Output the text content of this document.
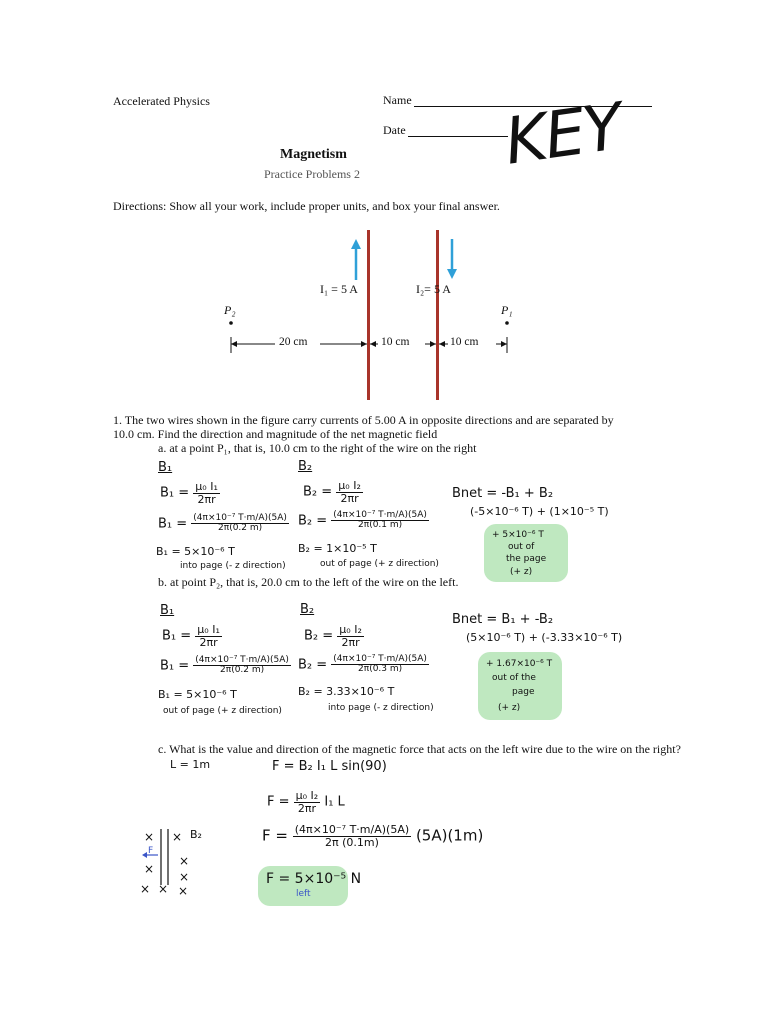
Accelerated Physics	Name
Date KEY
Magnetism
Practice Problems 2
Directions: Show all your work, include proper units, and box your final answer.
I₁ = 5 A	I₂= 5 A
P₂	P₁
20 cm	10 cm	10 cm
1. The two wires shown in the figure carry currents of 5.00 A in opposite directions and are separated by
10.0 cm. Find the direction and magnitude of the net magnetic field
a. at a point P₁, that is, 10.0 cm to the right of the wire on the right
B₁
$B_1 = \frac{\text{μ₀ I₁}}{2\pi r}$
$B_1 = \frac{\text{(4π×10⁻⁷ T·m/A)(5A)}}{2\pi(0.2 m)}$
B₁ = 5×10⁻⁶ T
into page (- z direction)
B₂
$B_2 = \frac{\text{μ₀ I₂}}{2\pi r}$
$B_2 = \frac{\text{(4π×10⁻⁷ T·m/A)(5A)}}{2\pi(0.1 m)}$
B₂ = 1×10⁻⁵ T
out of page (+ z direction)
Bnet = -B₁ + B₂
(-5×10⁻⁶ T) + (1×10⁻⁵ T)
+ 5×10⁻⁶ T
out of
the page
(+ z)
b. at point P₂, that is, 20.0 cm to the left of the wire on the left.
B₁
$B_1 = \frac{\text{μ₀ I₁}}{2\pi r}$
$B_1 = \frac{\text{(4π×10⁻⁷ T·m/A)(5A)}}{2\pi(0.2 m)}$
B₁ = 5×10⁻⁶ T
out of page (+ z direction)
B₂
$B_2 = \frac{\text{μ₀ I₂}}{2\pi r}$
$B_2 = \frac{\text{(4π×10⁻⁷ T·m/A)(5A)}}{2\pi(0.3 m)}$
B₂ = 3.33×10⁻⁶ T
into page (- z direction)
Bnet = B₁ + -B₂
(5×10⁻⁶ T) + (-3.33×10⁻⁶ T)
+ 1.67×10⁻⁶ T
out of the
page
(+ z)
c. What is the value and direction of the magnetic force that acts on the left wire due to the wire on the right?
L = 1m	F = B₂ I₁ L sin(90)
$F = \frac{\text{μ₀ I₂}}{2\pi r} I_1$ L
$F = \frac{\text{(4π×10⁻⁷ T·m/A)(5A)}}{2\pi (0.1m)} (5A)(1m)$
F = 5×10⁻⁵ N
left
× ×
×
×
×
× × ×
B₂
F
